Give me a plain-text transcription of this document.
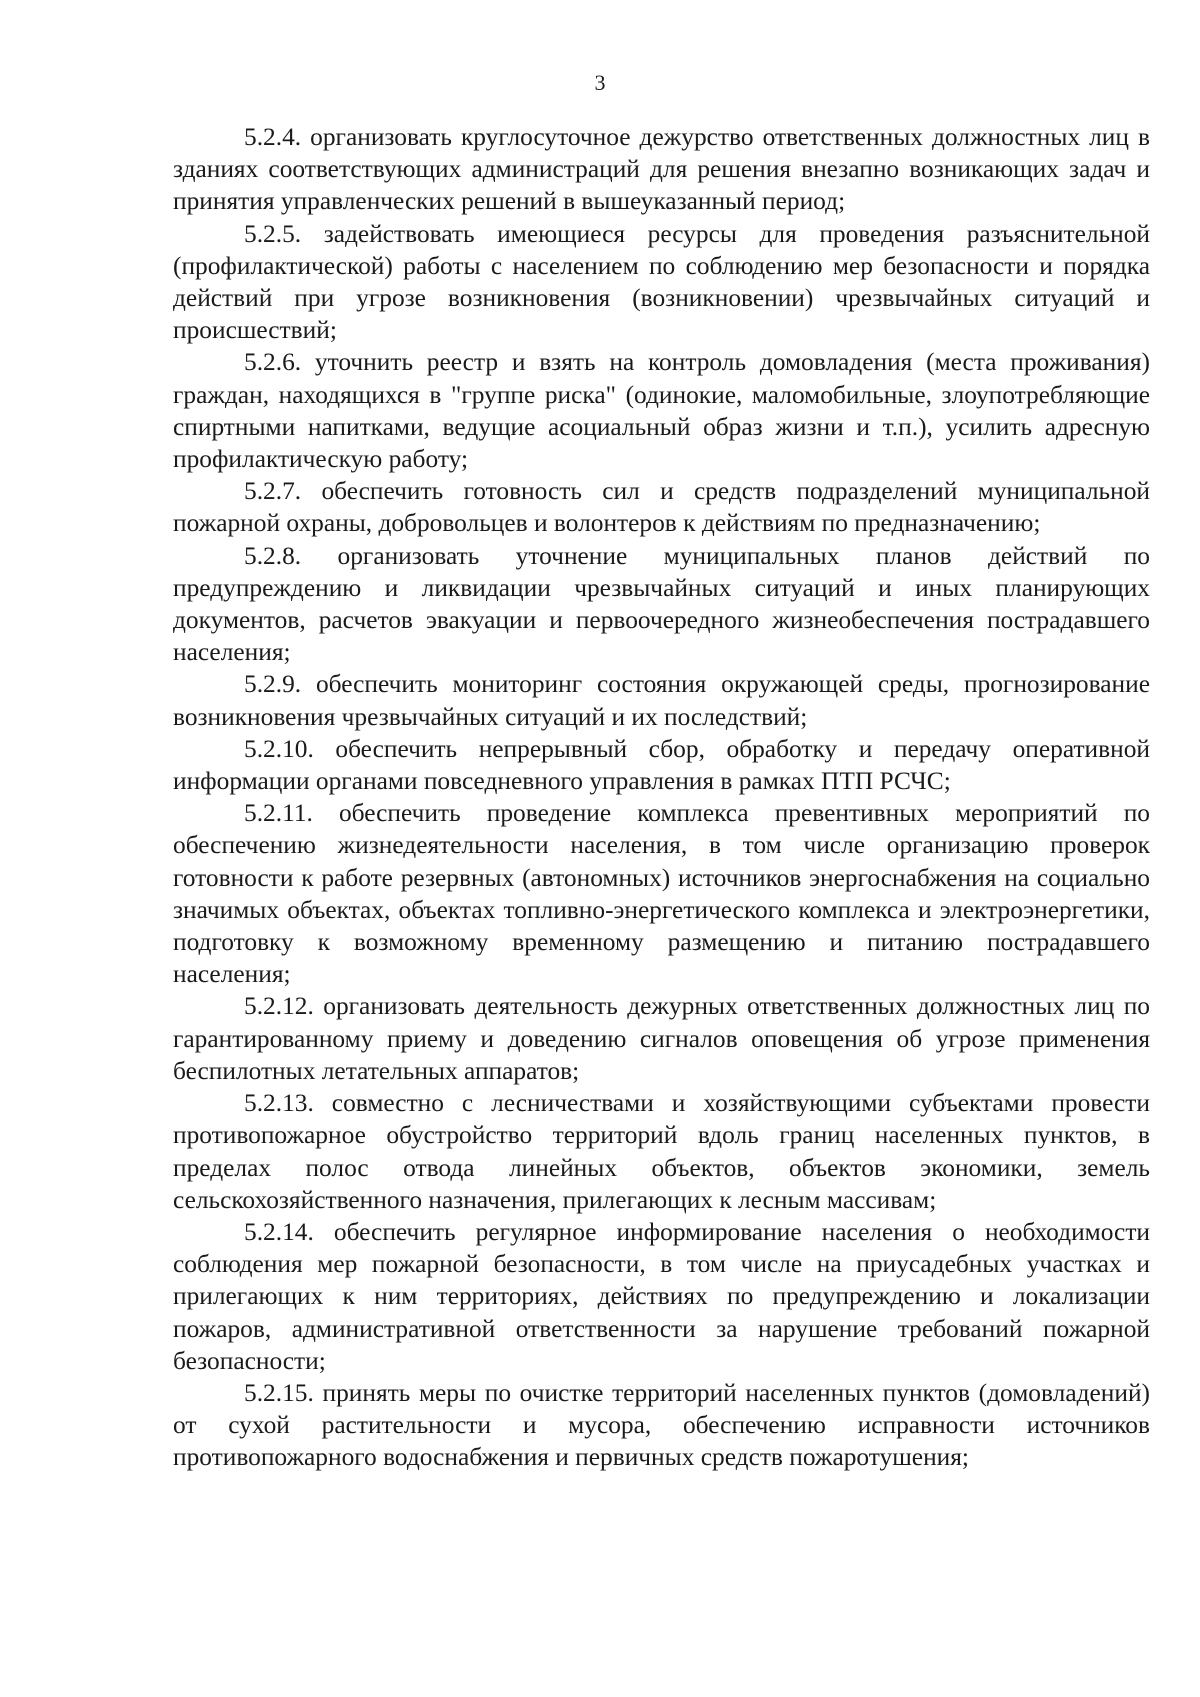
3

5.2.4. организовать круглосуточное дежурство ответственных должностных лиц в зданиях соответствующих администраций для решения внезапно возникающих задач и принятия управленческих решений в вышеуказанный период;

5.2.5. задействовать имеющиеся ресурсы для проведения разъяснительной (профилактической) работы с населением по соблюдению мер безопасности и порядка действий при угрозе возникновения (возникновении) чрезвычайных ситуаций и происшествий;

5.2.6. уточнить реестр и взять на контроль домовладения (места проживания) граждан, находящихся в "группе риска" (одинокие, маломобильные, злоупотребляющие спиртными напитками, ведущие асоциальный образ жизни и т.п.), усилить адресную профилактическую работу;

5.2.7. обеспечить готовность сил и средств подразделений муниципальной пожарной охраны, добровольцев и волонтеров к действиям по предназначению;

5.2.8. организовать уточнение муниципальных планов действий по предупреждению и ликвидации чрезвычайных ситуаций и иных планирующих документов, расчетов эвакуации и первоочередного жизнеобеспечения пострадавшего населения;

5.2.9. обеспечить мониторинг состояния окружающей среды, прогнозирование возникновения чрезвычайных ситуаций и их последствий;

5.2.10. обеспечить непрерывный сбор, обработку и передачу оперативной информации органами повседневного управления в рамках ПТП РСЧС;

5.2.11. обеспечить проведение комплекса превентивных мероприятий по обеспечению жизнедеятельности населения, в том числе организацию проверок готовности к работе резервных (автономных) источников энергоснабжения на социально значимых объектах, объектах топливно-энергетического комплекса и электроэнергетики, подготовку к возможному временному размещению и питанию пострадавшего населения;

5.2.12. организовать деятельность дежурных ответственных должностных лиц по гарантированному приему и доведению сигналов оповещения об угрозе применения беспилотных летательных аппаратов;

5.2.13. совместно с лесничествами и хозяйствующими субъектами провести противопожарное обустройство территорий вдоль границ населенных пунктов, в пределах полос отвода линейных объектов, объектов экономики, земель сельскохозяйственного назначения, прилегающих к лесным массивам;

5.2.14. обеспечить регулярное информирование населения о необходимости соблюдения мер пожарной безопасности, в том числе на приусадебных участках и прилегающих к ним территориях, действиях по предупреждению и локализации пожаров, административной ответственности за нарушение требований пожарной безопасности;

5.2.15. принять меры по очистке территорий населенных пунктов (домовладений) от сухой растительности и мусора, обеспечению исправности источников противопожарного водоснабжения и первичных средств пожаротушения;
